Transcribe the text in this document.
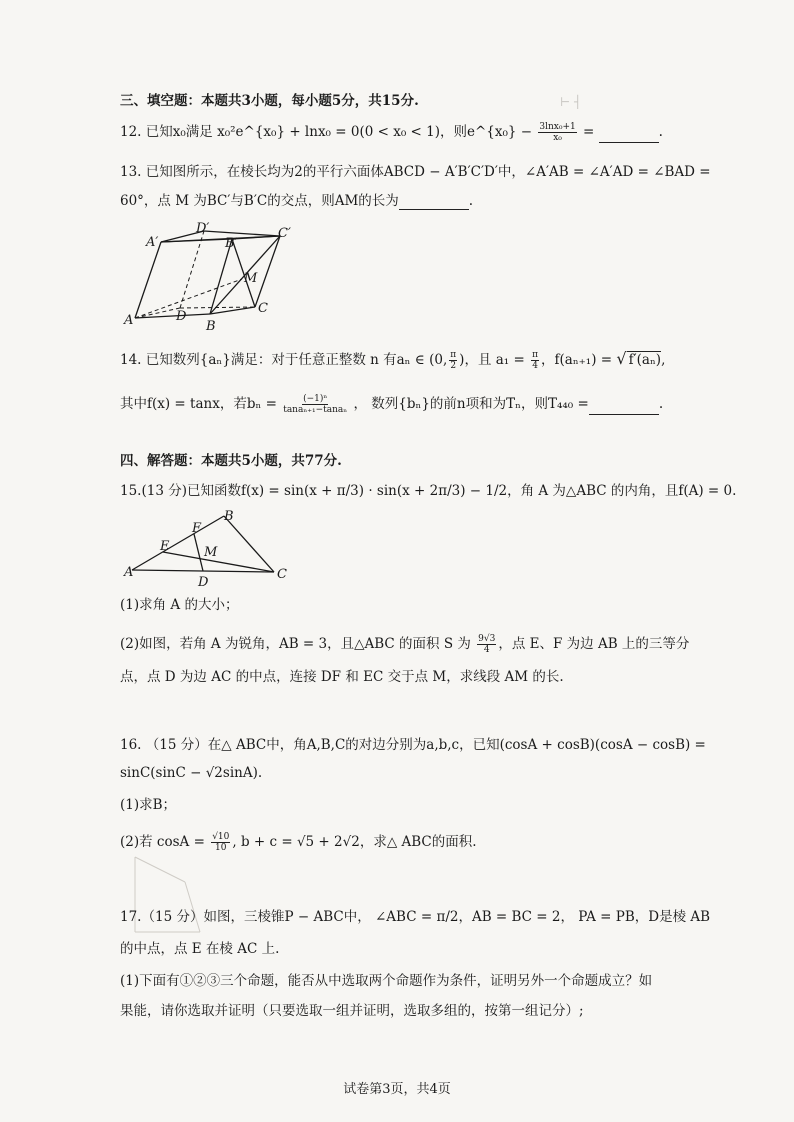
⊢ ┤
三、填空题：本题共3小题，每小题5分，共15分.
12. 已知x₀满足 x₀²e^{x₀} + lnx₀ = 0(0 < x₀ < 1)，则e^{x₀} − $\frac{\text{3lnx₀+1}}{\text{x₀}}$ =	.
13. 已知图所示，在棱长均为2的平行六面体ABCD − A′B′C′D′中，∠A′AB = ∠A′AD = ∠BAD =
60°，点 M 为BC′与B′C的交点，则AM的长为	.
D′
A′	B′
C′
M
A	D
B
C
14. 已知数列{aₙ}满足：对于任意正整数 n 有aₙ ∈ (0, $\frac{\pi}{2}$ )，且 $a_1 = \frac{\pi}{4}$ ，f(aₙ₊₁) = √ f′(aₙ),
其中f(x) = tanx，若$b_n = \frac{\text{(−1)ⁿ}}{\text{tanaₙ₊₁−tanaₙ}}$ ， 数列{bₙ}的前n项和为Tₙ，则T₄₄₀ =	.
四、解答题：本题共5小题，共77分.
15.(13 分)已知函数f(x) = sin(x + π/3) · sin(x + 2π/3) − 1/2，角 A 为△ABC 的内角，且f(A) = 0.
B
F
E	M
A
D
C
(1)求角 A 的大小；
(2)如图，若角 A 为锐角，AB = 3，且△ABC 的面积 S 为 $\frac{9√3}{4}$ ，点 E、F 为边 AB 上的三等分
点，点 D 为边 AC 的中点，连接 DF 和 EC 交于点 M，求线段 AM 的长.
16. （15 分）在△ ABC中，角A,B,C的对边分别为a,b,c，已知(cosA + cosB)(cosA − cosB) =
sinC(sinC − √2sinA).
(1)求B；
(2)若 $\cos A = \frac{√10}{10}$ , b + c = √5 + 2√2，求△ ABC的面积.
17.（15 分）如图，三棱锥P − ABC中， ∠ABC = π/2，AB = BC = 2， PA = PB，D是棱 AB
的中点，点 E 在棱 AC 上.
(1)下面有①②③三个命题，能否从中选取两个命题作为条件，证明另外一个命题成立？如
果能，请你选取并证明（只要选取一组并证明，选取多组的，按第一组记分）;
试卷第3页，共4页
